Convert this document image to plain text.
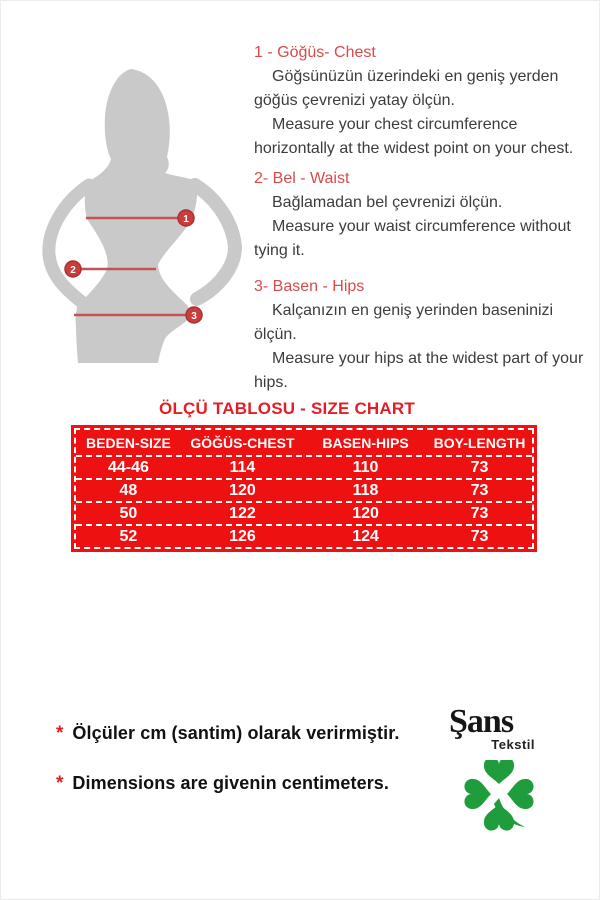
1
2
3
1 - Göğüs- Chest

Göğsünüzün üzerindeki en geniş yerden göğüs çevrenizi yatay ölçün.

Measure your chest circumference horizontally at the widest point on your chest.

2- Bel - Waist

Bağlamadan bel çevrenizi ölçün.

Measure your waist circumference without tying it.

3- Basen - Hips

Kalçanızın en geniş yerinden baseninizi ölçün.

Measure your hips at the widest part of your hips.

ÖLÇÜ TABLOSU - SIZE CHART
BEDEN-SIZE	GÖĞÜS-CHEST	BASEN-HIPS	BOY-LENGTH
44-46	114	110	73
48	120	118	73
50	122	120	73
52	126	124	73
* Ölçüler cm (santim) olarak verirmiştir.
* Dimensions are givenin centimeters.
Şans
Tekstil
